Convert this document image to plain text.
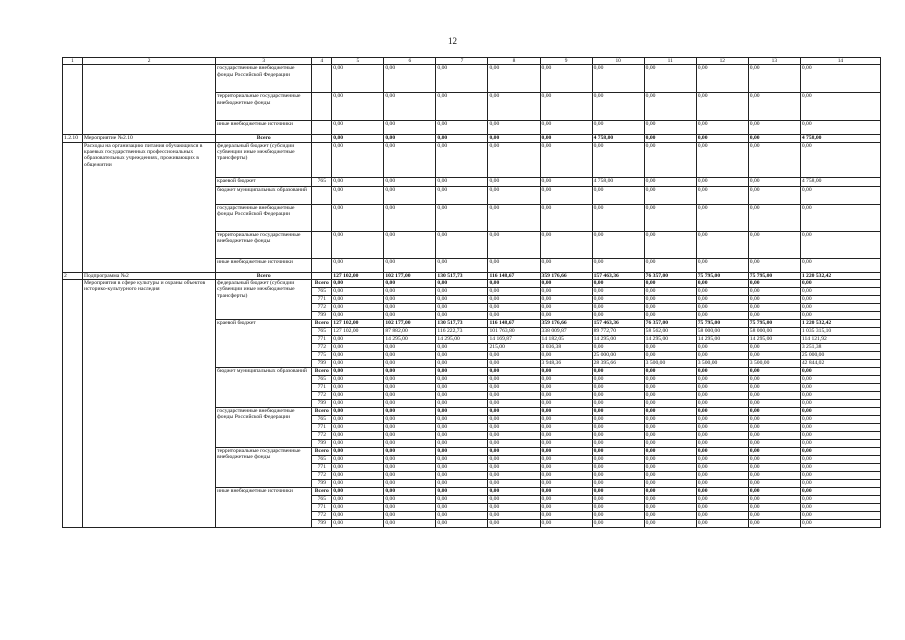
12
1	2	3	4	5	6	7	8	9	10	11	12	13	14
		государственные внебюджетные фонды Российской Федерации		0,00	0,00	0,00	0,00	0,00	0,00	0,00	0,00	0,00	0,00
		территориальные государственные внебюджетные фонды		0,00	0,00	0,00	0,00	0,00	0,00	0,00	0,00	0,00	0,00
		иные внебюджетные источники		0,00	0,00	0,00	0,00	0,00	0,00	0,00	0,00	0,00	0,00
1.2.10	Мероприятие №2.10	Всего		0,00	0,00	0,00	0,00	0,00	4 758,00	0,00	0,00	0,00	4 758,00
	Расходы на организацию питания обучающихся в краевых государственных профессиональных образовательных учреждениях, проживающих в общежитии	федеральный бюджет (субсидии субвенции иные межбюджетные трансферты)		0,00	0,00	0,00	0,00	0,00	0,00	0,00	0,00	0,00	0,00
		краевой бюджет	765	0,00	0,00	0,00	0,00	0,00	4 758,00	0,00	0,00	0,00	4 758,00
		бюджет муниципальных образований		0,00	0,00	0,00	0,00	0,00	0,00	0,00	0,00	0,00	0,00
		государственные внебюджетные фонды Российской Федерации		0,00	0,00	0,00	0,00	0,00	0,00	0,00	0,00	0,00	0,00
		территориальные государственные внебюджетные фонды		0,00	0,00	0,00	0,00	0,00	0,00	0,00	0,00	0,00	0,00
		иные внебюджетные источники		0,00	0,00	0,00	0,00	0,00	0,00	0,00	0,00	0,00	0,00
2	Подпрограмма №2	Всего		127 102,00	102 177,00	130 517,73	116 148,67	359 176,66	157 463,36	76 357,00	75 795,00	75 795,00	1 220 532,42
	Мероприятия в сфере культуры и охраны объектов историко-культурного наследия	федеральный бюджет (субсидии субвенции иные межбюджетные трансферты)	Всего	0,00	0,00	0,00	0,00	0,00	0,00	0,00	0,00	0,00	0,00
			765	0,00	0,00	0,00	0,00	0,00	0,00	0,00	0,00	0,00	0,00
			771	0,00	0,00	0,00	0,00	0,00	0,00	0,00	0,00	0,00	0,00
			772	0,00	0,00	0,00	0,00	0,00	0,00	0,00	0,00	0,00	0,00
			799	0,00	0,00	0,00	0,00	0,00	0,00	0,00	0,00	0,00	0,00
		краевой бюджет	Всего	127 102,00	102 177,00	130 517,73	116 148,67	359 176,66	157 463,36	76 357,00	75 795,00	75 795,00	1 220 532,42
			765	127 102,00	87 882,00	116 222,73	101 763,80	338 009,87	89 772,70	58 562,00	58 000,00	58 000,00	1 035 315,10
			771	0,00	14 295,00	14 295,00	14 169,87	14 182,05	14 295,00	14 295,00	14 295,00	14 295,00	114 121,92
			772	0,00	0,00	0,00	215,00	3 036,38	0,00	0,00	0,00	0,00	3 251,38
			775	0,00	0,00	0,00	0,00	0,00	25 000,00	0,00	0,00	0,00	25 000,00
			799	0,00	0,00	0,00	0,00	3 948,36	28 395,66	3 500,00	3 500,00	3 500,00	42 844,02
		бюджет муниципальных образований	Всего	0,00	0,00	0,00	0,00	0,00	0,00	0,00	0,00	0,00	0,00
			765	0,00	0,00	0,00	0,00	0,00	0,00	0,00	0,00	0,00	0,00
			771	0,00	0,00	0,00	0,00	0,00	0,00	0,00	0,00	0,00	0,00
			772	0,00	0,00	0,00	0,00	0,00	0,00	0,00	0,00	0,00	0,00
			799	0,00	0,00	0,00	0,00	0,00	0,00	0,00	0,00	0,00	0,00
		государственные внебюджетные фонды Российской Федерации	Всего	0,00	0,00	0,00	0,00	0,00	0,00	0,00	0,00	0,00	0,00
			765	0,00	0,00	0,00	0,00	0,00	0,00	0,00	0,00	0,00	0,00
			771	0,00	0,00	0,00	0,00	0,00	0,00	0,00	0,00	0,00	0,00
			772	0,00	0,00	0,00	0,00	0,00	0,00	0,00	0,00	0,00	0,00
			799	0,00	0,00	0,00	0,00	0,00	0,00	0,00	0,00	0,00	0,00
		территориальные государственные внебюджетные фонды	Всего	0,00	0,00	0,00	0,00	0,00	0,00	0,00	0,00	0,00	0,00
			765	0,00	0,00	0,00	0,00	0,00	0,00	0,00	0,00	0,00	0,00
			771	0,00	0,00	0,00	0,00	0,00	0,00	0,00	0,00	0,00	0,00
			772	0,00	0,00	0,00	0,00	0,00	0,00	0,00	0,00	0,00	0,00
			799	0,00	0,00	0,00	0,00	0,00	0,00	0,00	0,00	0,00	0,00
		иные внебюджетные источники	Всего	0,00	0,00	0,00	0,00	0,00	0,00	0,00	0,00	0,00	0,00
			765	0,00	0,00	0,00	0,00	0,00	0,00	0,00	0,00	0,00	0,00
			771	0,00	0,00	0,00	0,00	0,00	0,00	0,00	0,00	0,00	0,00
			772	0,00	0,00	0,00	0,00	0,00	0,00	0,00	0,00	0,00	0,00
			799	0,00	0,00	0,00	0,00	0,00	0,00	0,00	0,00	0,00	0,00
